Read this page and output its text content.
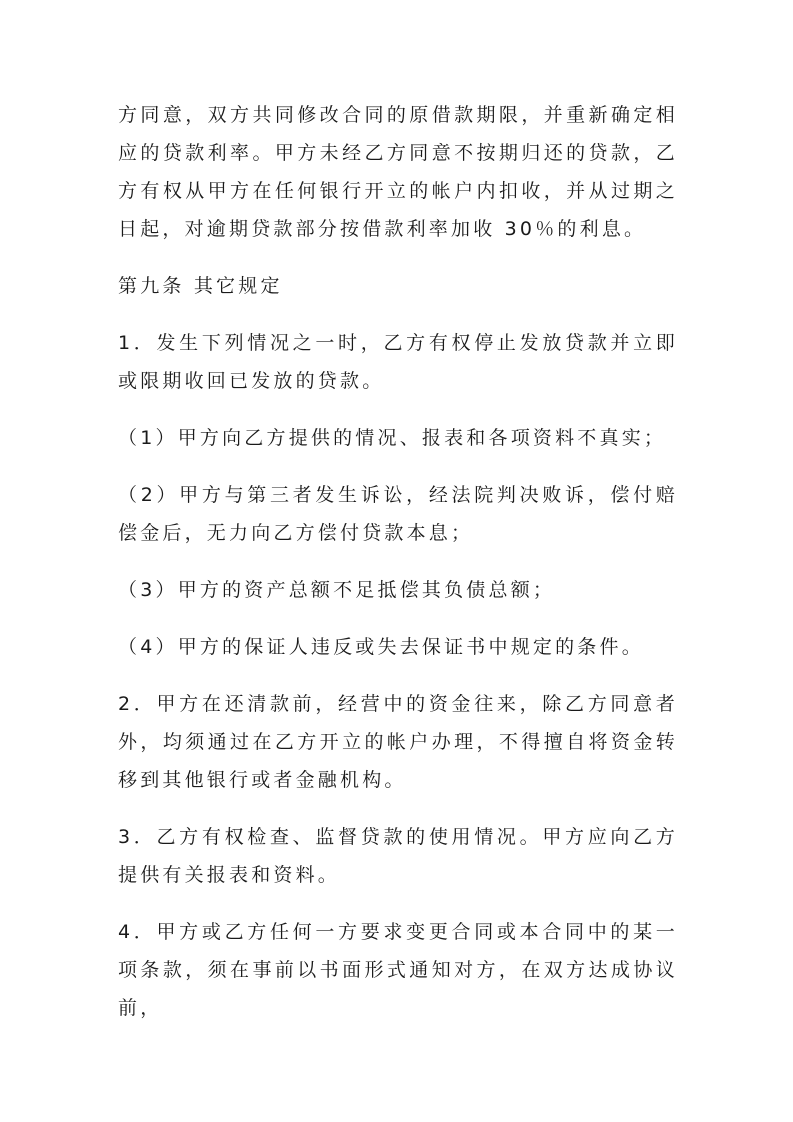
方同意，双方共同修改合同的原借款期限，并重新确定相应的贷款利率。甲方未经乙方同意不按期归还的贷款，乙方有权从甲方在任何银行开立的帐户内扣收，并从过期之日起，对逾期贷款部分按借款利率加收 30％的利息。

第九条 其它规定

1．发生下列情况之一时，乙方有权停止发放贷款并立即或限期收回已发放的贷款。

（1）甲方向乙方提供的情况、报表和各项资料不真实；

（2）甲方与第三者发生诉讼，经法院判决败诉，偿付赔偿金后，无力向乙方偿付贷款本息；

（3）甲方的资产总额不足抵偿其负债总额；

（4）甲方的保证人违反或失去保证书中规定的条件。

2．甲方在还清款前，经营中的资金往来，除乙方同意者外，均须通过在乙方开立的帐户办理，不得擅自将资金转移到其他银行或者金融机构。

3．乙方有权检查、监督贷款的使用情况。甲方应向乙方提供有关报表和资料。

4．甲方或乙方任何一方要求变更合同或本合同中的某一项条款，须在事前以书面形式通知对方，在双方达成协议前，
